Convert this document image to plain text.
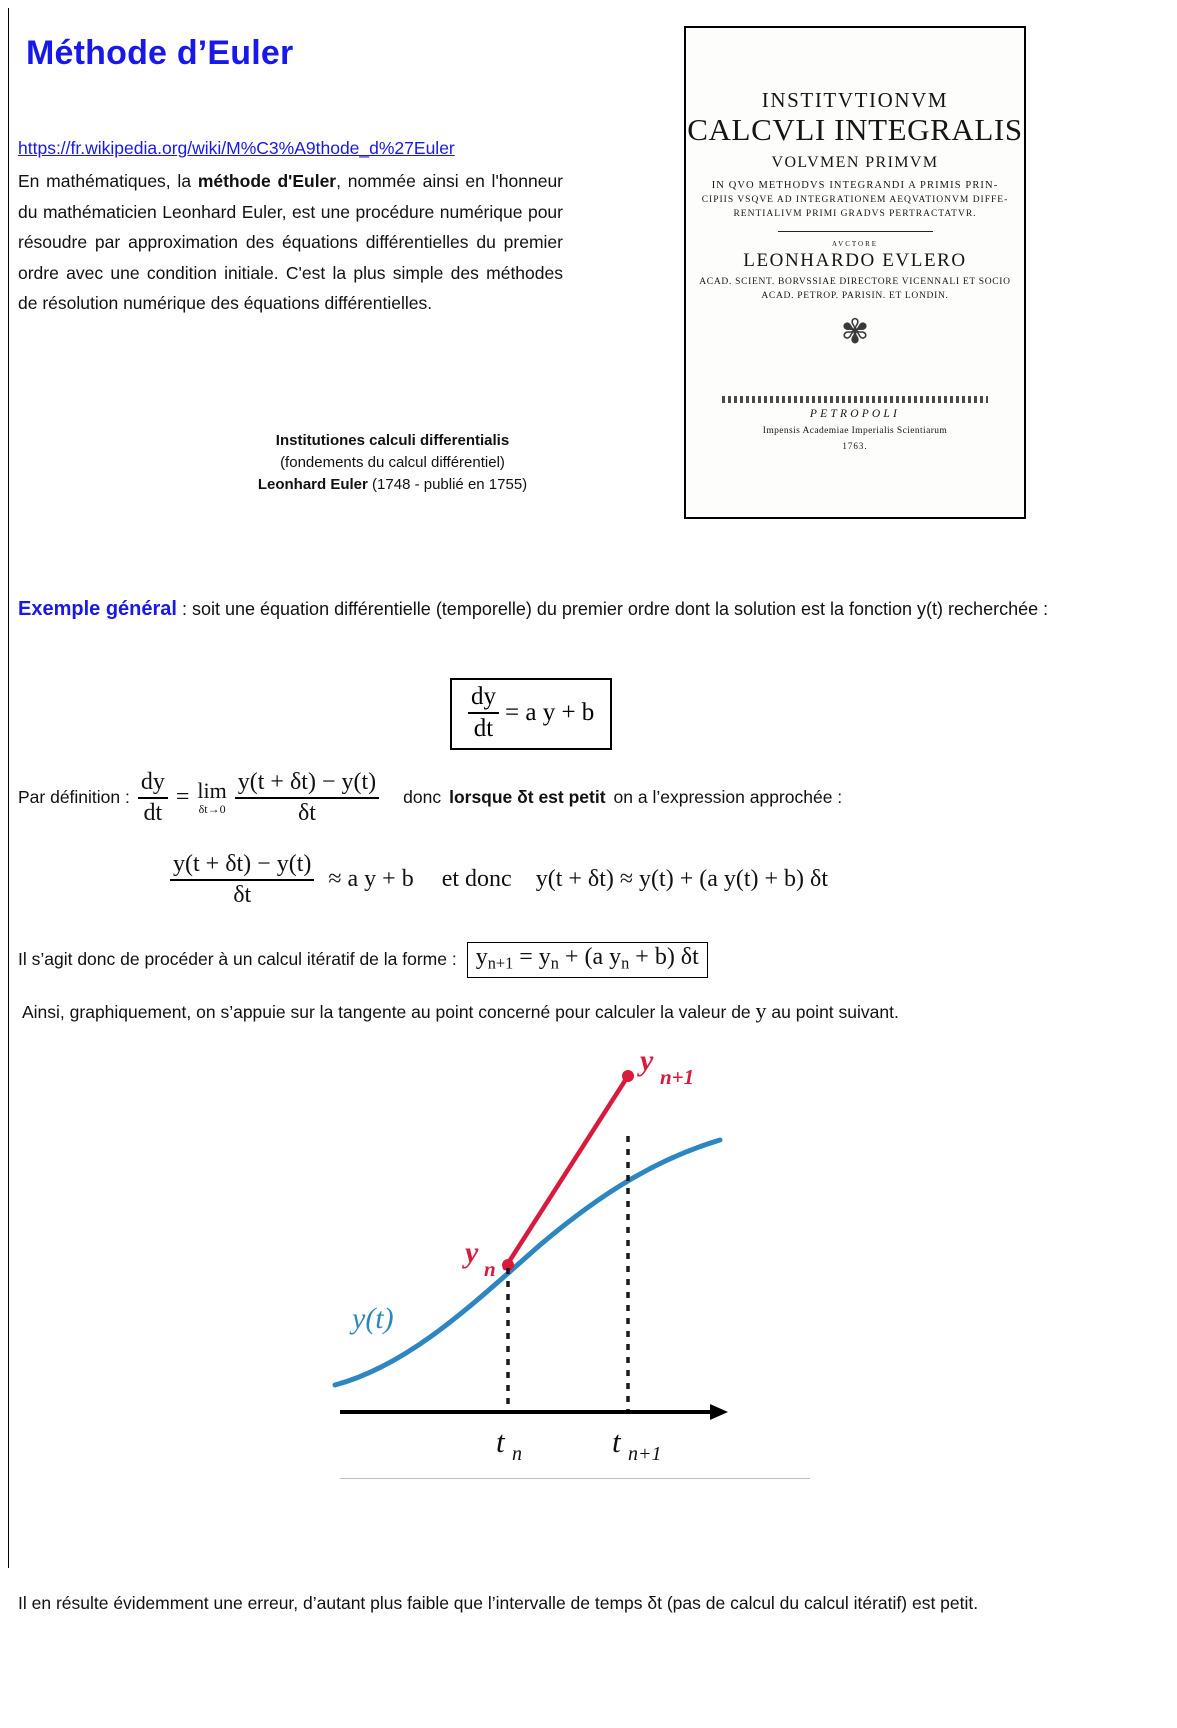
Méthode d’Euler
https://fr.wikipedia.org/wiki/M%C3%A9thode_d%27Euler
En mathématiques, la méthode d'Euler, nommée ainsi en l'honneur du mathématicien Leonhard Euler, est une procédure numérique pour résoudre par approximation des équations différentielles du premier ordre avec une condition initiale. C'est la plus simple des méthodes de résolution numérique des équations différentielles.
Institutiones calculi differentialis
(fondements du calcul différentiel)
Leonhard Euler (1748 - publié en 1755)
INSTITVTIONVM
CALCVLI INTEGRALIS
VOLVMEN PRIMVM
IN QVO METHODVS INTEGRANDI A PRIMIS PRIN-
CIPIIS VSQVE AD INTEGRATIONEM AEQVATIONVM DIFFE-
RENTIALIVM PRIMI GRADVS PERTRACTATVR.
AVCTORE
LEONHARDO EVLERO
ACAD. SCIENT. BORVSSIAE DIRECTORE VICENNALI ET SOCIO
ACAD. PETROP. PARISIN. ET LONDIN.
✾
PETROPOLI
Impensis Academiae Imperialis Scientiarum
1763.
Exemple général : soit une équation différentielle (temporelle) du premier ordre dont la solution est la fonction y(t) recherchée :
$\frac{dy}{dt} = a$ y + b
Par définition : $\frac{dy}{dt} = \lim$
$\delta t\to 0 \frac{y(t + \delta t) - y(t)}{\delta t}$ donc lorsque δt est petit on a l’expression approchée :
$\frac{y(t + \delta t) - y(t)}{\delta t} \approx a$ y + b et donc y(t + δt) ≈ y(t) + (a y(t) + b) δt
Il s’agit donc de procéder à un calcul itératif de la forme : $y_{n+1} = y_n + (a$ $y_n + b$) δt
Ainsi, graphiquement, on s’appuie sur la tangente au point concerné pour calculer la valeur de y au point suivant.
y(t)
y n
y n+1
t n	t n+1
Il en résulte évidemment une erreur, d’autant plus faible que l’intervalle de temps δt (pas de calcul du calcul itératif) est petit.
